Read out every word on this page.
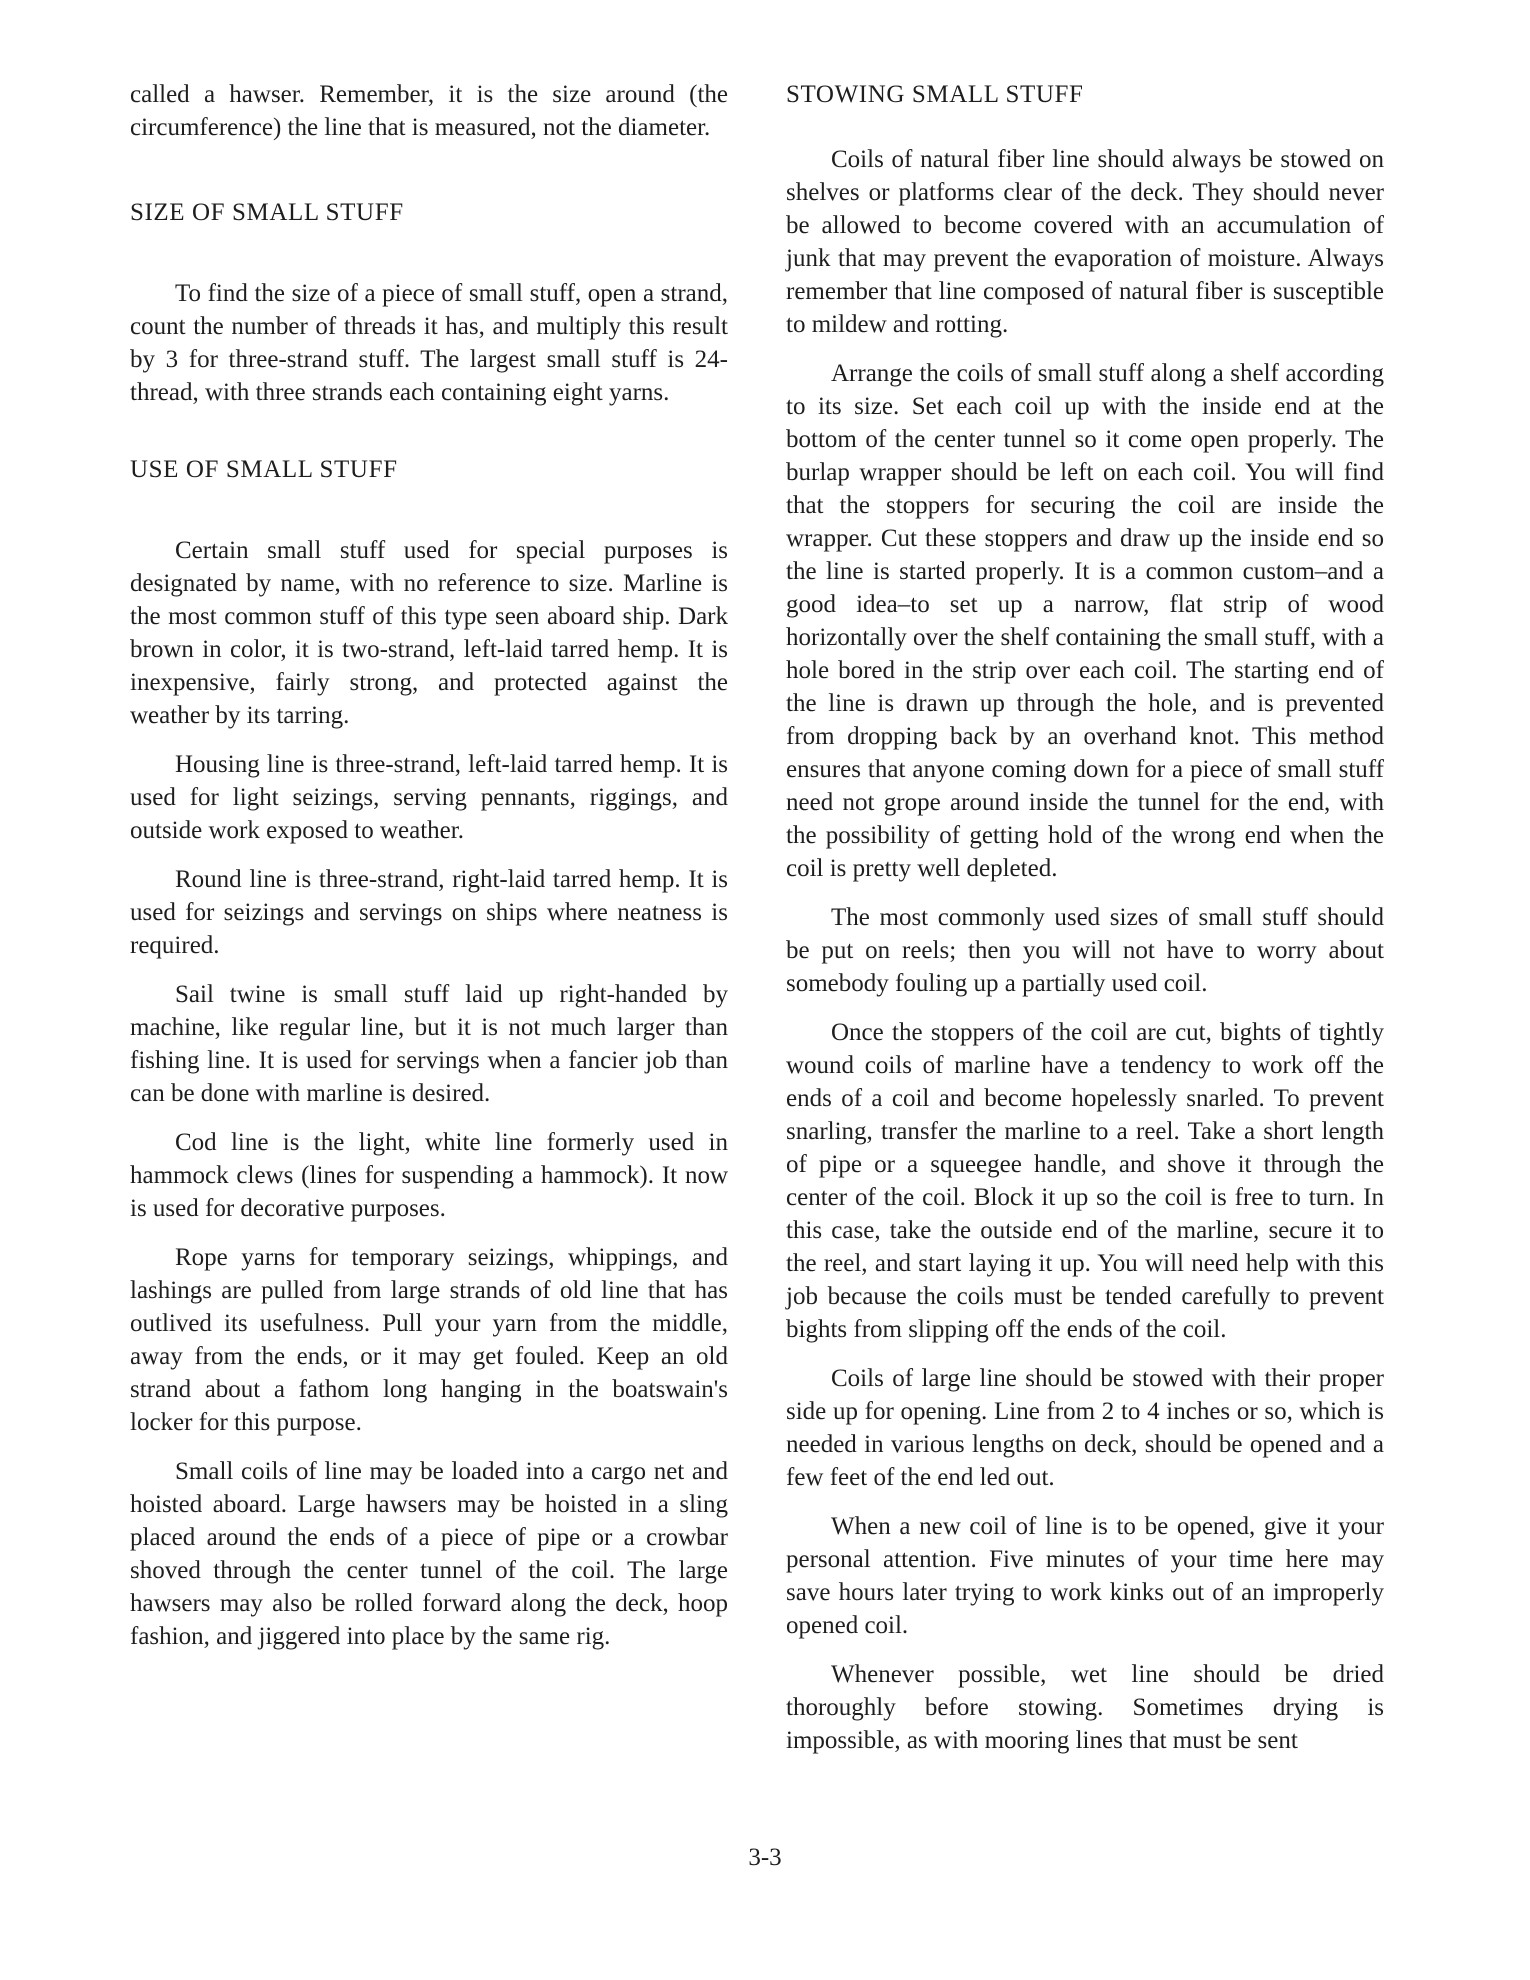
called a hawser. Remember, it is the size around (the circumference) the line that is measured, not the diameter.

SIZE OF SMALL STUFF

To find the size of a piece of small stuff, open a strand, count the number of threads it has, and multiply this result by 3 for three-strand stuff. The largest small stuff is 24-thread, with three strands each containing eight yarns.

USE OF SMALL STUFF

Certain small stuff used for special purposes is designated by name, with no reference to size. Marline is the most common stuff of this type seen aboard ship. Dark brown in color, it is two-strand, left-laid tarred hemp. It is inexpensive, fairly strong, and protected against the weather by its tarring.

Housing line is three-strand, left-laid tarred hemp. It is used for light seizings, serving pennants, riggings, and outside work exposed to weather.

Round line is three-strand, right-laid tarred hemp. It is used for seizings and servings on ships where neatness is required.

Sail twine is small stuff laid up right-handed by machine, like regular line, but it is not much larger than fishing line. It is used for servings when a fancier job than can be done with marline is desired.

Cod line is the light, white line formerly used in hammock clews (lines for suspending a hammock). It now is used for decorative purposes.

Rope yarns for temporary seizings, whippings, and lashings are pulled from large strands of old line that has outlived its usefulness. Pull your yarn from the middle, away from the ends, or it may get fouled. Keep an old strand about a fathom long hanging in the boatswain's locker for this purpose.

Small coils of line may be loaded into a cargo net and hoisted aboard. Large hawsers may be hoisted in a sling placed around the ends of a piece of pipe or a crowbar shoved through the center tunnel of the coil. The large hawsers may also be rolled forward along the deck, hoop fashion, and jiggered into place by the same rig.

STOWING SMALL STUFF

Coils of natural fiber line should always be stowed on shelves or platforms clear of the deck. They should never be allowed to become covered with an accumulation of junk that may prevent the evaporation of moisture. Always remember that line composed of natural fiber is susceptible to mildew and rotting.

Arrange the coils of small stuff along a shelf according to its size. Set each coil up with the inside end at the bottom of the center tunnel so it come open properly. The burlap wrapper should be left on each coil. You will find that the stoppers for securing the coil are inside the wrapper. Cut these stoppers and draw up the inside end so the line is started properly. It is a common custom–and a good idea–to set up a narrow, flat strip of wood horizontally over the shelf containing the small stuff, with a hole bored in the strip over each coil. The starting end of the line is drawn up through the hole, and is prevented from dropping back by an overhand knot. This method ensures that anyone coming down for a piece of small stuff need not grope around inside the tunnel for the end, with the possibility of getting hold of the wrong end when the coil is pretty well depleted.

The most commonly used sizes of small stuff should be put on reels; then you will not have to worry about somebody fouling up a partially used coil.

Once the stoppers of the coil are cut, bights of tightly wound coils of marline have a tendency to work off the ends of a coil and become hopelessly snarled. To prevent snarling, transfer the marline to a reel. Take a short length of pipe or a squeegee handle, and shove it through the center of the coil. Block it up so the coil is free to turn. In this case, take the outside end of the marline, secure it to the reel, and start laying it up. You will need help with this job because the coils must be tended carefully to prevent bights from slipping off the ends of the coil.

Coils of large line should be stowed with their proper side up for opening. Line from 2 to 4 inches or so, which is needed in various lengths on deck, should be opened and a few feet of the end led out.

When a new coil of line is to be opened, give it your personal attention. Five minutes of your time here may save hours later trying to work kinks out of an improperly opened coil.

Whenever possible, wet line should be dried thoroughly before stowing. Sometimes drying is impossible, as with mooring lines that must be sent

3-3
